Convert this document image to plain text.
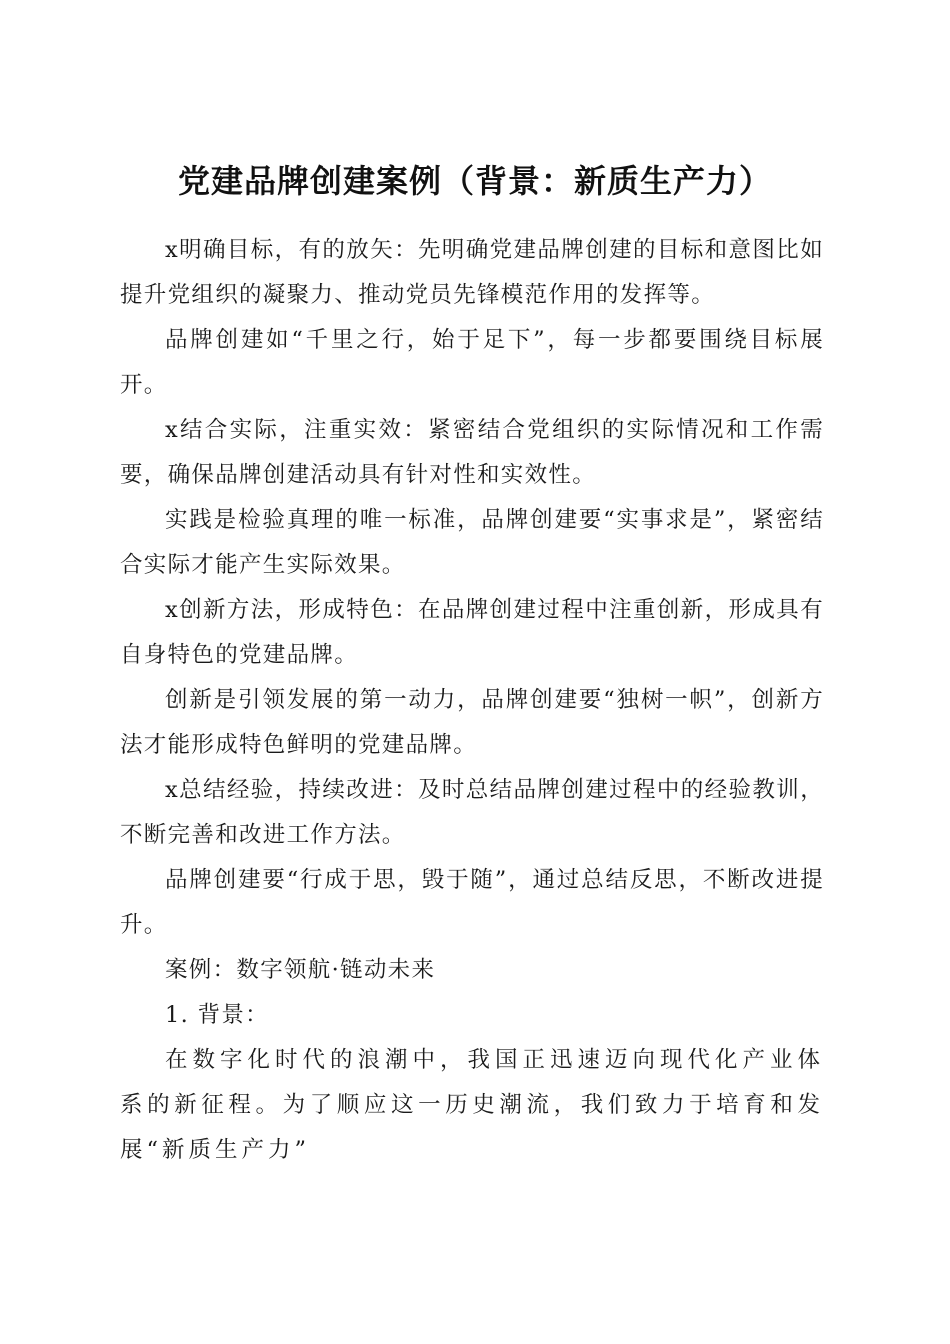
党建品牌创建案例（背景：新质生产力）

x明确目标，有的放矢：先明确党建品牌创建的目标和意图比如提升党组织的凝聚力、推动党员先锋模范作用的发挥等。

品牌创建如“千里之行，始于足下”，每一步都要围绕目标展开。

x结合实际，注重实效：紧密结合党组织的实际情况和工作需要，确保品牌创建活动具有针对性和实效性。

实践是检验真理的唯一标准，品牌创建要“实事求是”，紧密结合实际才能产生实际效果。

x创新方法，形成特色：在品牌创建过程中注重创新，形成具有自身特色的党建品牌。

创新是引领发展的第一动力，品牌创建要“独树一帜”，创新方法才能形成特色鲜明的党建品牌。

x总结经验，持续改进：及时总结品牌创建过程中的经验教训，不断完善和改进工作方法。

品牌创建要“行成于思，毁于随”，通过总结反思，不断改进提升。

案例：数字领航·链动未来

1. 背景：

在数字化时代的浪潮中，我国正迅速迈向现代化产业体系的新征程。为了顺应这一历史潮流，我们致力于培育和发展“新质生产力”
